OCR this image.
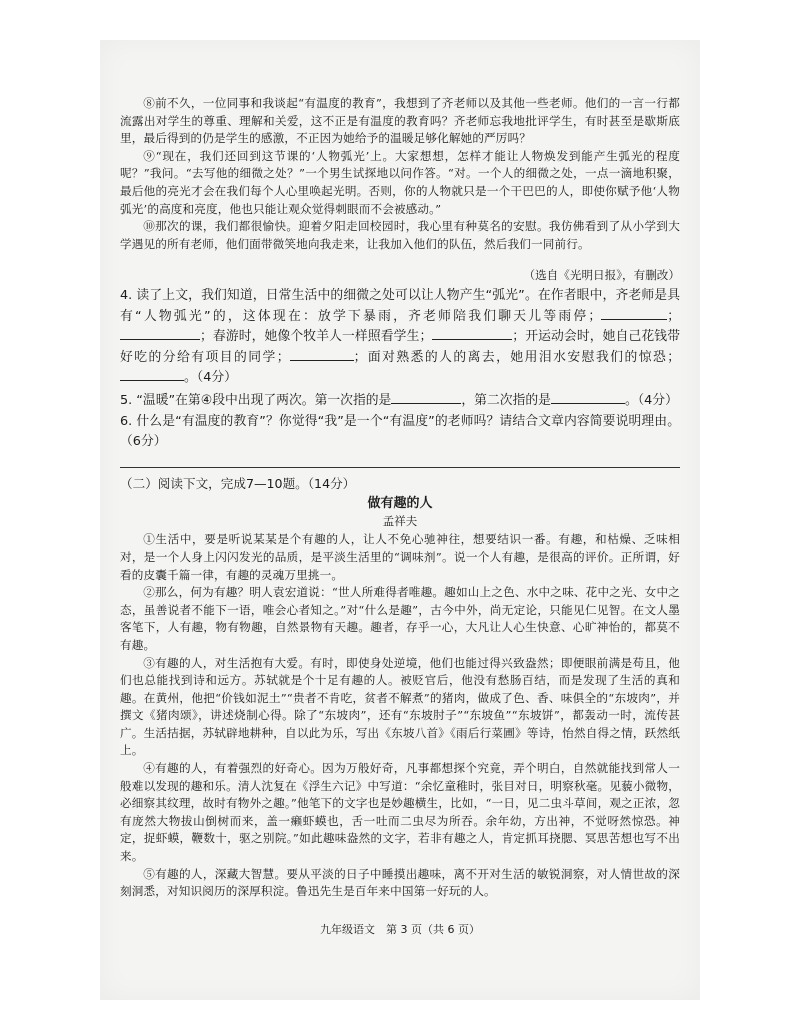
⑧前不久，一位同事和我谈起“有温度的教育”，我想到了齐老师以及其他一些老师。他们的一言一行都流露出对学生的尊重、理解和关爱，这不正是有温度的教育吗？齐老师忘我地批评学生，有时甚至是歇斯底里，最后得到的仍是学生的感激，不正因为她给予的温暖足够化解她的严厉吗？

⑨“现在，我们还回到这节课的‘人物弧光’上。大家想想，怎样才能让人物焕发到能产生弧光的程度呢？”我问。“去写他的细微之处？”一个男生试探地以问作答。“对。一个人的细微之处，一点一滴地积聚，最后他的亮光才会在我们每个人心里唤起光明。否则，你的人物就只是一个干巴巴的人，即使你赋予他‘人物弧光’的高度和亮度，他也只能让观众觉得刺眼而不会被感动。”

⑩那次的课，我们都很愉快。迎着夕阳走回校园时，我心里有种莫名的安慰。我仿佛看到了从小学到大学遇见的所有老师，他们面带微笑地向我走来，让我加入他们的队伍，然后我们一同前行。

（选自《光明日报》，有删改）

4. 读了上文，我们知道，日常生活中的细微之处可以让人物产生“弧光”。在作者眼中，齐老师是具有“人物弧光”的，这体现在：放学下暴雨，齐老师陪我们聊天儿等雨停；	；；春游时，她像个牧羊人一样照看学生；	；开运动会时，她自己花钱带好吃的分给有项目的同学；	；面对熟悉的人的离去，她用泪水安慰我们的惊恐；。（4分）

5. “温暖”在第④段中出现了两次。第一次指的是	，第二次指的是	。（4分）

6. 什么是“有温度的教育”？你觉得“我”是一个“有温度”的老师吗？请结合文章内容简要说明理由。（6分）

（二）阅读下文，完成7—10题。（14分）

做有趣的人

孟祥夫

①生活中，要是听说某某是个有趣的人，让人不免心驰神往，想要结识一番。有趣，和枯燥、乏味相对，是一个人身上闪闪发光的品质，是平淡生活里的“调味剂”。说一个人有趣，是很高的评价。正所谓，好看的皮囊千篇一律，有趣的灵魂万里挑一。

②那么，何为有趣？明人袁宏道说：“世人所难得者唯趣。趣如山上之色、水中之味、花中之光、女中之态，虽善说者不能下一语，唯会心者知之。”对“什么是趣”，古今中外，尚无定论，只能见仁见智。在文人墨客笔下，人有趣，物有物趣，自然景物有天趣。趣者，存乎一心，大凡让人心生快意、心旷神怡的，都莫不有趣。

③有趣的人，对生活抱有大爱。有时，即使身处逆境，他们也能过得兴致盎然；即便眼前满是苟且，他们也总能找到诗和远方。苏轼就是个十足有趣的人。被贬官后，他没有愁肠百结，而是发现了生活的真和趣。在黄州，他把“价钱如泥土”“贵者不肯吃，贫者不解煮”的猪肉，做成了色、香、味俱全的“东坡肉”，并撰文《猪肉颂》，讲述烧制心得。除了“东坡肉”，还有“东坡肘子”“东坡鱼”“东坡饼”，都轰动一时，流传甚广。生活拮据，苏轼辟地耕种，自以此为乐，写出《东坡八首》《雨后行菜圃》等诗，怡然自得之情，跃然纸上。

④有趣的人，有着强烈的好奇心。因为万般好奇，凡事都想探个究竟，弄个明白，自然就能找到常人一般难以发现的趣和乐。清人沈复在《浮生六记》中写道：“余忆童稚时，张目对日，明察秋毫。见藐小微物，必细察其纹理，故时有物外之趣。”他笔下的文字也是妙趣横生，比如，“一日，见二虫斗草间，观之正浓，忽有庞然大物拔山倒树而来，盖一癞虾蟆也，舌一吐而二虫尽为所吞。余年幼，方出神，不觉呀然惊恐。神定，捉虾蟆，鞭数十，驱之别院。”如此趣味盎然的文字，若非有趣之人，肯定抓耳挠腮、冥思苦想也写不出来。

⑤有趣的人，深藏大智慧。要从平淡的日子中睡摸出趣味，离不开对生活的敏锐洞察，对人情世故的深刻洞悉，对知识阅历的深厚积淀。鲁迅先生是百年来中国第一好玩的人。

九年级语文　第 3 页（共 6 页）
